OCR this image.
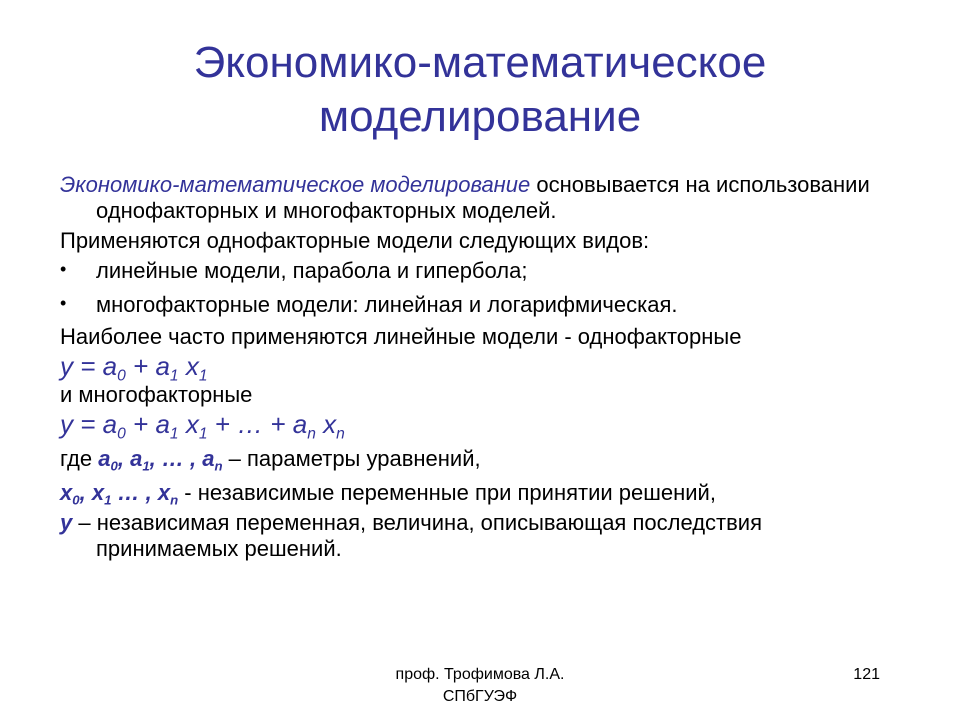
Экономико-математическое
моделирование

Экономико-математическое моделирование основывается на использовании однофакторных и многофакторных моделей.

Применяются однофакторные модели следующих видов:

• линейные модели, парабола и гипербола;

• многофакторные модели: линейная и логарифмическая.

Наиболее часто применяются линейные модели - однофакторные

$y = a_0 + a_1$ $x_1$

и многофакторные

$y = a_0 + a_1$ $x_1$ + … + $a_n$ $x_n$

где $a_0$, $a_1$, … , $a_n$ – параметры уравнений,

$x_0$, $x_1$ … , $x_n$ - независимые переменные при принятии решений,

y – независимая переменная, величина, описывающая последствия принимаемых решений.

проф. Трофимова Л.А.
СПбГУЭФ
121
